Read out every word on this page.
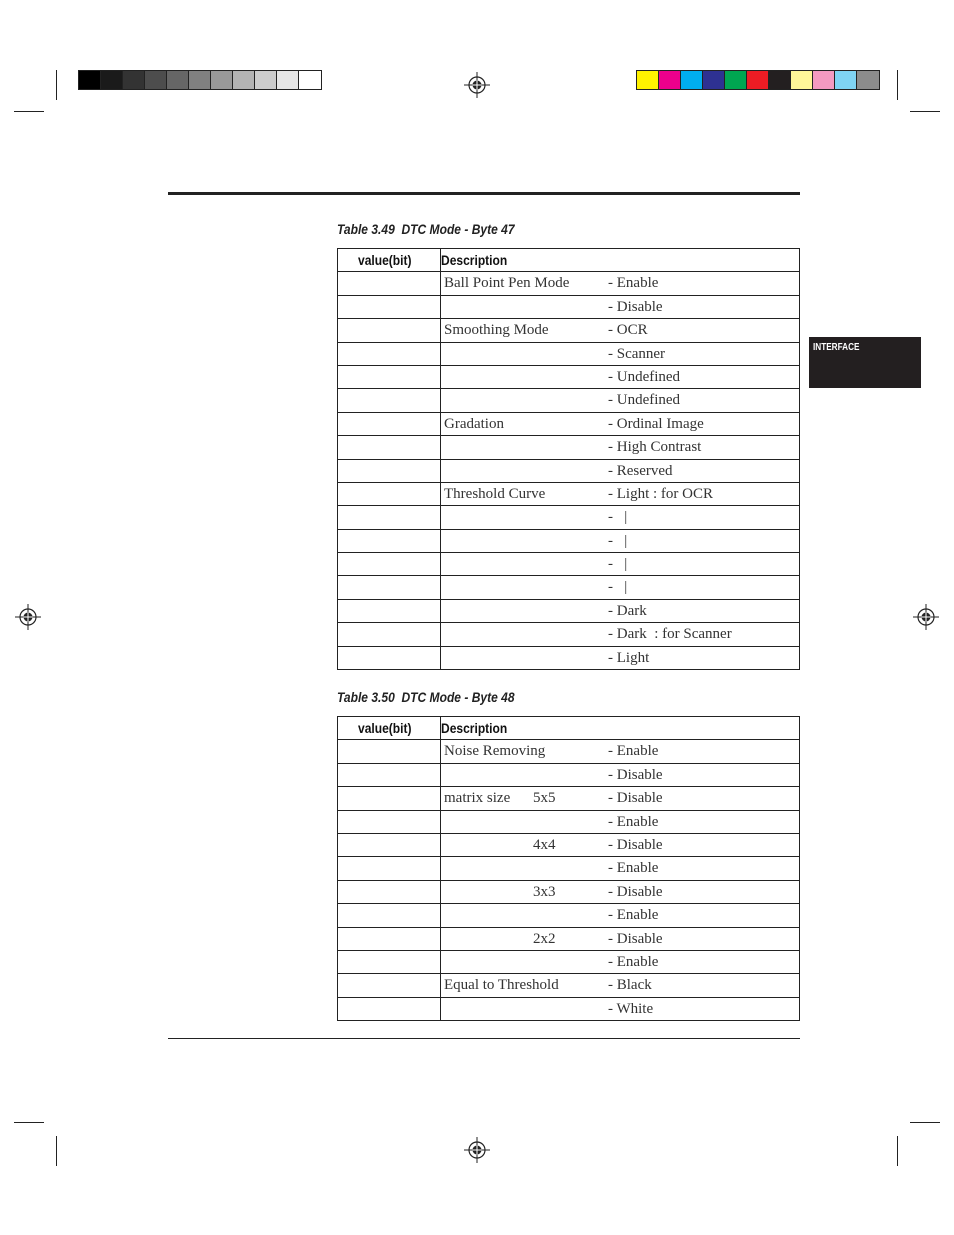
INTERFACE
Table 3.49  DTC Mode - Byte 47
value(bit)	Description

	Ball Point Pen Mode - Enable

	- Disable

	Smoothing Mode - OCR

	- Scanner

	- Undefined

	- Undefined

	Gradation - Ordinal Image

	- High Contrast

	- Reserved

	Threshold Curve - Light : for OCR

	-   |

	-   |

	-   |

	-   |

	- Dark

	- Dark  : for Scanner

	- Light
Table 3.50  DTC Mode - Byte 48
value(bit)	Description

	Noise Removing - Enable

	- Disable

	matrix size 5x5 - Disable

	- Enable

	4x4 - Disable

	- Enable

	3x3 - Disable

	- Enable

	2x2 - Disable

	- Enable

	Equal to Threshold - Black

	- White
